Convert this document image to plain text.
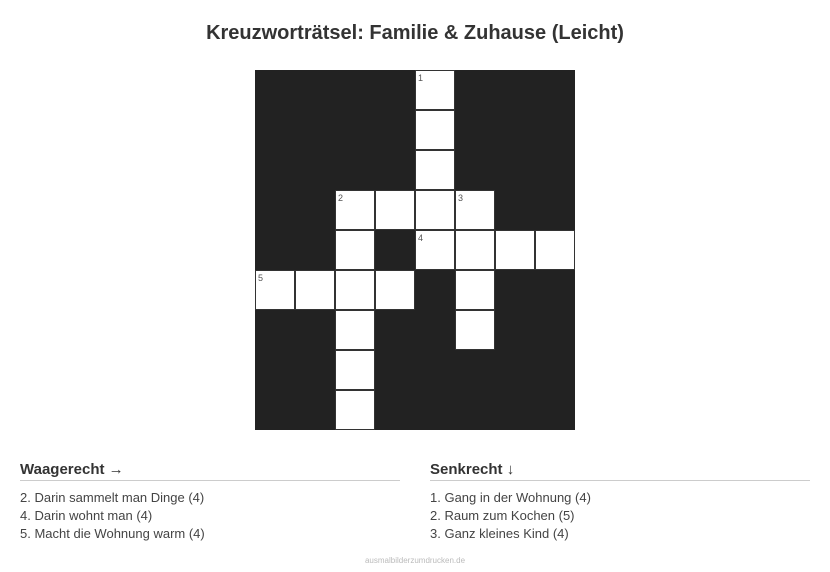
Kreuzworträtsel: Familie & Zuhause (Leicht)
1
2	3
4
5
Waagerecht →
2. Darin sammelt man Dinge (4)
4. Darin wohnt man (4)
5. Macht die Wohnung warm (4)
Senkrecht ↓
1. Gang in der Wohnung (4)
2. Raum zum Kochen (5)
3. Ganz kleines Kind (4)
ausmalbilderzumdrucken.de
